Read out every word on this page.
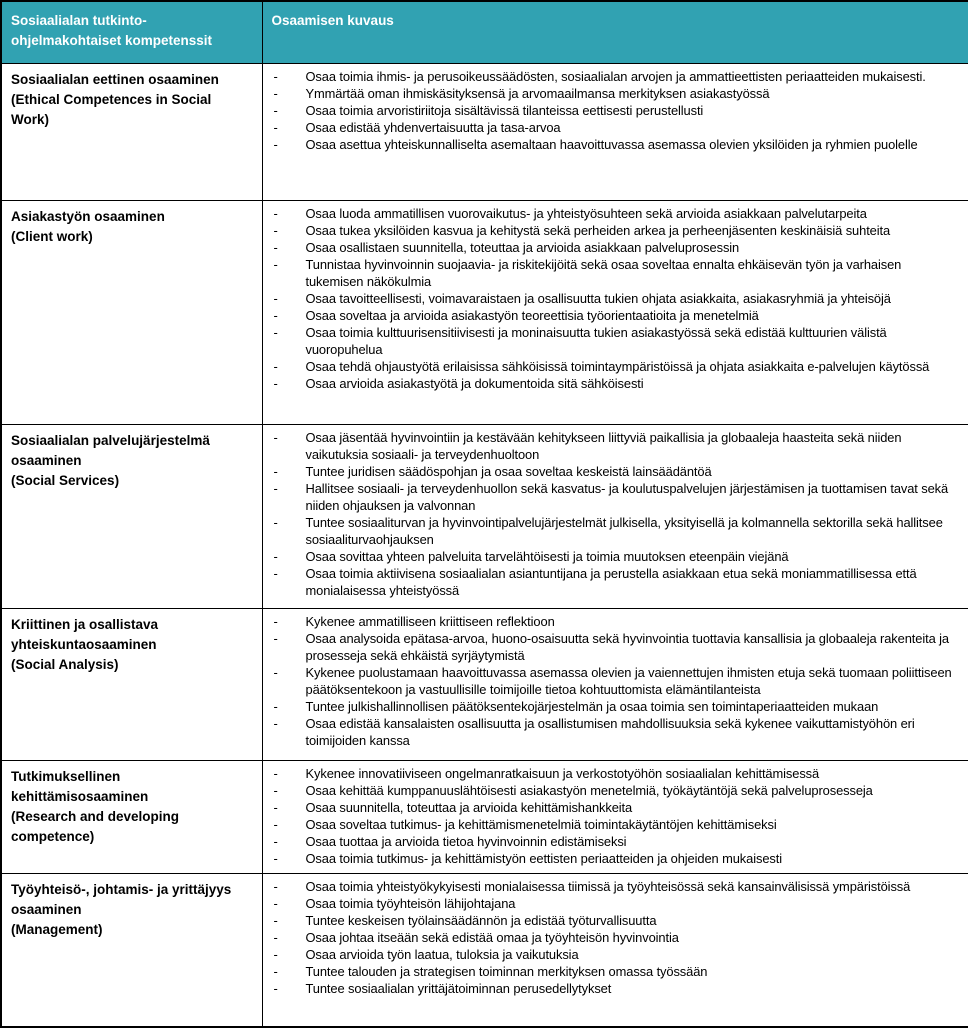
Sosiaalialan tutkinto-ohjelmakohtaiset kompetenssit	Osaamisen kuvaus

Sosiaalialan eettinen osaaminen
(Ethical Competences in Social Work)

-	Osaa toimia ihmis- ja perusoikeussäädösten, sosiaalialan arvojen ja ammattieettisten periaatteiden mukaisesti.
-	Ymmärtää oman ihmiskäsityksensä ja arvomaailmansa merkityksen asiakastyössä
-	Osaa toimia arvoristiriitoja sisältävissä tilanteissa eettisesti perustellusti
-	Osaa edistää yhdenvertaisuutta ja tasa-arvoa
-	Osaa asettua yhteiskunnalliselta asemaltaan haavoittuvassa asemassa olevien yksilöiden ja ryhmien puolelle

Asiakastyön osaaminen
(Client work)

-	Osaa luoda ammatillisen vuorovaikutus- ja yhteistyösuhteen sekä arvioida asiakkaan palvelutarpeita
-	Osaa tukea yksilöiden kasvua ja kehitystä sekä perheiden arkea ja perheenjäsenten keskinäisiä suhteita
-	Osaa osallistaen suunnitella, toteuttaa ja arvioida asiakkaan palveluprosessin
-	Tunnistaa hyvinvoinnin suojaavia- ja riskitekijöitä sekä osaa soveltaa ennalta ehkäisevän työn ja varhaisen tukemisen näkökulmia
-	Osaa tavoitteellisesti, voimavaraistaen ja osallisuutta tukien ohjata asiakkaita, asiakasryhmiä ja yhteisöjä
-	Osaa soveltaa ja arvioida asiakastyön teoreettisia työorientaatioita ja menetelmiä
-	Osaa toimia kulttuurisensitiivisesti ja moninaisuutta tukien asiakastyössä sekä edistää kulttuurien välistä vuoropuhelua
-	Osaa tehdä ohjaustyötä erilaisissa sähköisissä toimintaympäristöissä ja ohjata asiakkaita e-palvelujen käytössä
-	Osaa arvioida asiakastyötä ja dokumentoida sitä sähköisesti

Sosiaalialan palvelujärjestelmä osaaminen
(Social Services)

-	Osaa jäsentää hyvinvointiin ja kestävään kehitykseen liittyviä paikallisia ja globaaleja haasteita sekä niiden vaikutuksia sosiaali- ja terveydenhuoltoon
-	Tuntee juridisen säädöspohjan ja osaa soveltaa keskeistä lainsäädäntöä
-	Hallitsee sosiaali- ja terveydenhuollon sekä kasvatus- ja koulutuspalvelujen järjestämisen ja tuottamisen tavat sekä niiden ohjauksen ja valvonnan
-	Tuntee sosiaaliturvan ja hyvinvointipalvelujärjestelmät julkisella, yksityisellä ja kolmannella sektorilla sekä hallitsee sosiaaliturvaohjauksen
-	Osaa sovittaa yhteen palveluita tarvelähtöisesti ja toimia muutoksen eteenpäin viejänä
-	Osaa toimia aktiivisena sosiaalialan asiantuntijana ja perustella asiakkaan etua sekä moniammatillisessa että monialaisessa yhteistyössä

Kriittinen ja osallistava yhteiskuntaosaaminen
(Social Analysis)

-	Kykenee ammatilliseen kriittiseen reflektioon
-	Osaa analysoida epätasa-arvoa, huono-osaisuutta sekä hyvinvointia tuottavia kansallisia ja globaaleja rakenteita ja prosesseja sekä ehkäistä syrjäytymistä
-	Kykenee puolustamaan haavoittuvassa asemassa olevien ja vaiennettujen ihmisten etuja sekä tuomaan poliittiseen päätöksentekoon ja vastuullisille toimijoille tietoa kohtuuttomista elämäntilanteista
-	Tuntee julkishallinnollisen päätöksentekojärjestelmän ja osaa toimia sen toimintaperiaatteiden mukaan
-	Osaa edistää kansalaisten osallisuutta ja osallistumisen mahdollisuuksia sekä kykenee vaikuttamistyöhön eri toimijoiden kanssa

Tutkimuksellinen kehittämisosaaminen
(Research and developing competence)

-	Kykenee innovatiiviseen ongelmanratkaisuun ja verkostotyöhön sosiaalialan kehittämisessä
-	Osaa kehittää kumppanuuslähtöisesti asiakastyön menetelmiä, työkäytäntöjä sekä palveluprosesseja
-	Osaa suunnitella, toteuttaa ja arvioida kehittämishankkeita
-	Osaa soveltaa tutkimus- ja kehittämismenetelmiä toimintakäytäntöjen kehittämiseksi
-	Osaa tuottaa ja arvioida tietoa hyvinvoinnin edistämiseksi
-	Osaa toimia tutkimus- ja kehittämistyön eettisten periaatteiden ja ohjeiden mukaisesti

Työyhteisö-, johtamis- ja yrittäjyys osaaminen
(Management)

-	Osaa toimia yhteistyökykyisesti monialaisessa tiimissä ja työyhteisössä sekä kansainvälisissä ympäristöissä
-	Osaa toimia työyhteisön lähijohtajana
-	Tuntee keskeisen työlainsäädännön ja edistää työturvallisuutta
-	Osaa johtaa itseään sekä edistää omaa ja työyhteisön hyvinvointia
-	Osaa arvioida työn laatua, tuloksia ja vaikutuksia
-	Tuntee talouden ja strategisen toiminnan merkityksen omassa työssään
-	Tuntee sosiaalialan yrittäjätoiminnan perusedellytykset
